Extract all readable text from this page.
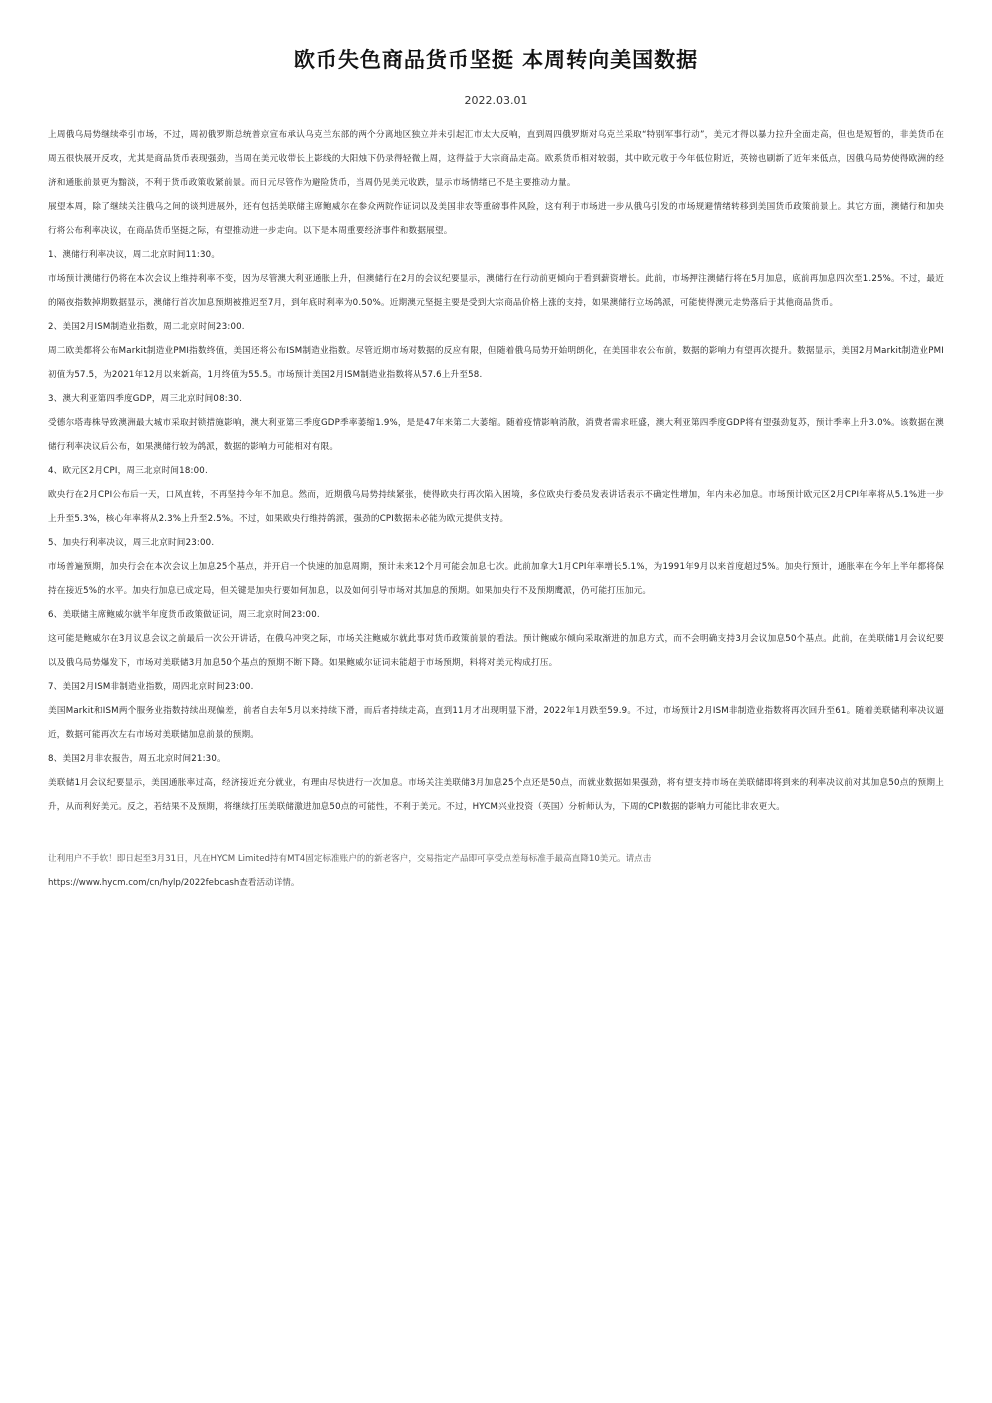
欧币失色商品货币坚挺 本周转向美国数据
2022.03.01

上周俄乌局势继续牵引市场，不过，周初俄罗斯总统普京宣布承认乌克兰东部的两个分离地区独立并未引起汇市太大反响，直到周四俄罗斯对乌克兰采取“特别军事行动”，美元才得以暴力拉升全面走高，但也是短暂的，非美货币在周五很快展开反攻，尤其是商品货币表现强劲，当周在美元收带长上影线的大阳烛下仍录得轻微上周，这得益于大宗商品走高。欧系货币相对较弱，其中欧元收于今年低位附近，英镑也刷新了近年来低点，因俄乌局势使得欧洲的经济和通胀前景更为黯淡，不利于货币政策收紧前景。而日元尽管作为避险货币，当周仍见美元收跌，显示市场情绪已不是主要推动力量。

展望本周，除了继续关注俄乌之间的谈判进展外，还有包括美联储主席鲍威尔在参众两院作证词以及美国非农等重磅事件风险，这有利于市场进一步从俄乌引发的市场规避情绪转移到美国货币政策前景上。其它方面，澳储行和加央行将公布利率决议，在商品货币坚挺之际，有望推动进一步走向。以下是本周重要经济事件和数据展望。

1、澳储行利率决议，周二北京时间11:30。

市场预计澳储行仍将在本次会议上维持利率不变，因为尽管澳大利亚通胀上升，但澳储行在2月的会议纪要显示，澳储行在行动前更倾向于看到薪资增长。此前，市场押注澳储行将在5月加息，底前再加息四次至1.25%。不过，最近的隔夜指数掉期数据显示，澳储行首次加息预期被推迟至7月，到年底时利率为0.50%。近期澳元坚挺主要是受到大宗商品价格上涨的支持，如果澳储行立场鸽派，可能使得澳元走势落后于其他商品货币。

2、美国2月ISM制造业指数，周二北京时间23:00.

周二欧美都将公布Markit制造业PMI指数终值，美国还将公布ISM制造业指数。尽管近期市场对数据的反应有限，但随着俄乌局势开始明朗化，在美国非农公布前，数据的影响力有望再次提升。数据显示，美国2月Markit制造业PMI初值为57.5，为2021年12月以来新高，1月终值为55.5。市场预计美国2月ISM制造业指数将从57.6上升至58.

3、澳大利亚第四季度GDP，周三北京时间08:30.

受德尔塔毒株导致澳洲最大城市采取封锁措施影响，澳大利亚第三季度GDP季率萎缩1.9%，是是47年来第二大萎缩。随着疫情影响消散，消费者需求旺盛，澳大利亚第四季度GDP将有望强劲复苏，预计季率上升3.0%。该数据在澳储行利率决议后公布，如果澳储行较为鸽派，数据的影响力可能相对有限。

4、欧元区2月CPI，周三北京时间18:00.

欧央行在2月CPI公布后一天，口风直转，不再坚持今年不加息。然而，近期俄乌局势持续紧张，使得欧央行再次陷入困境，多位欧央行委员发表讲话表示不确定性增加，年内未必加息。市场预计欧元区2月CPI年率将从5.1%进一步上升至5.3%，核心年率将从2.3%上升至2.5%。不过，如果欧央行维持鸽派，强劲的CPI数据未必能为欧元提供支持。

5、加央行利率决议，周三北京时间23:00.

市场普遍预期，加央行会在本次会议上加息25个基点，并开启一个快速的加息周期，预计未来12个月可能会加息七次。此前加拿大1月CPI年率增长5.1%，为1991年9月以来首度超过5%。加央行预计，通胀率在今年上半年都将保持在接近5%的水平。加央行加息已成定局，但关键是加央行要如何加息，以及如何引导市场对其加息的预期。如果加央行不及预期鹰派，仍可能打压加元。

6、美联储主席鲍威尔就半年度货币政策做证词，周三北京时间23:00.

这可能是鲍威尔在3月议息会议之前最后一次公开讲话，在俄乌冲突之际，市场关注鲍威尔就此事对货币政策前景的看法。预计鲍威尔倾向采取渐进的加息方式，而不会明确支持3月会议加息50个基点。此前，在美联储1月会议纪要以及俄乌局势爆发下，市场对美联储3月加息50个基点的预期不断下降。如果鲍威尔证词未能超于市场预期，料将对美元构成打压。

7、美国2月ISM非制造业指数，周四北京时间23:00.

美国Markit和ISM两个服务业指数持续出现偏差，前者自去年5月以来持续下滑，而后者持续走高，直到11月才出现明显下滑，2022年1月跌至59.9。不过，市场预计2月ISM非制造业指数将再次回升至61。随着美联储利率决议逼近，数据可能再次左右市场对美联储加息前景的预期。

8、美国2月非农报告，周五北京时间21:30。

美联储1月会议纪要显示，美国通胀率过高，经济接近充分就业，有理由尽快进行一次加息。市场关注美联储3月加息25个点还是50点，而就业数据如果强劲，将有望支持市场在美联储即将到来的利率决议前对其加息50点的预期上升，从而利好美元。反之，若结果不及预期，将继续打压美联储激进加息50点的可能性，不利于美元。不过，HYCM兴业投资（英国）分析师认为，下周的CPI数据的影响力可能比非农更大。

让利用户不手软！即日起至3月31日，凡在HYCM Limited持有MT4固定标准账户的的新老客户，交易指定产品即可享受点差每标准手最高直降10美元。请点击

https://www.hycm.com/cn/hylp/2022febcash查看活动详情。
